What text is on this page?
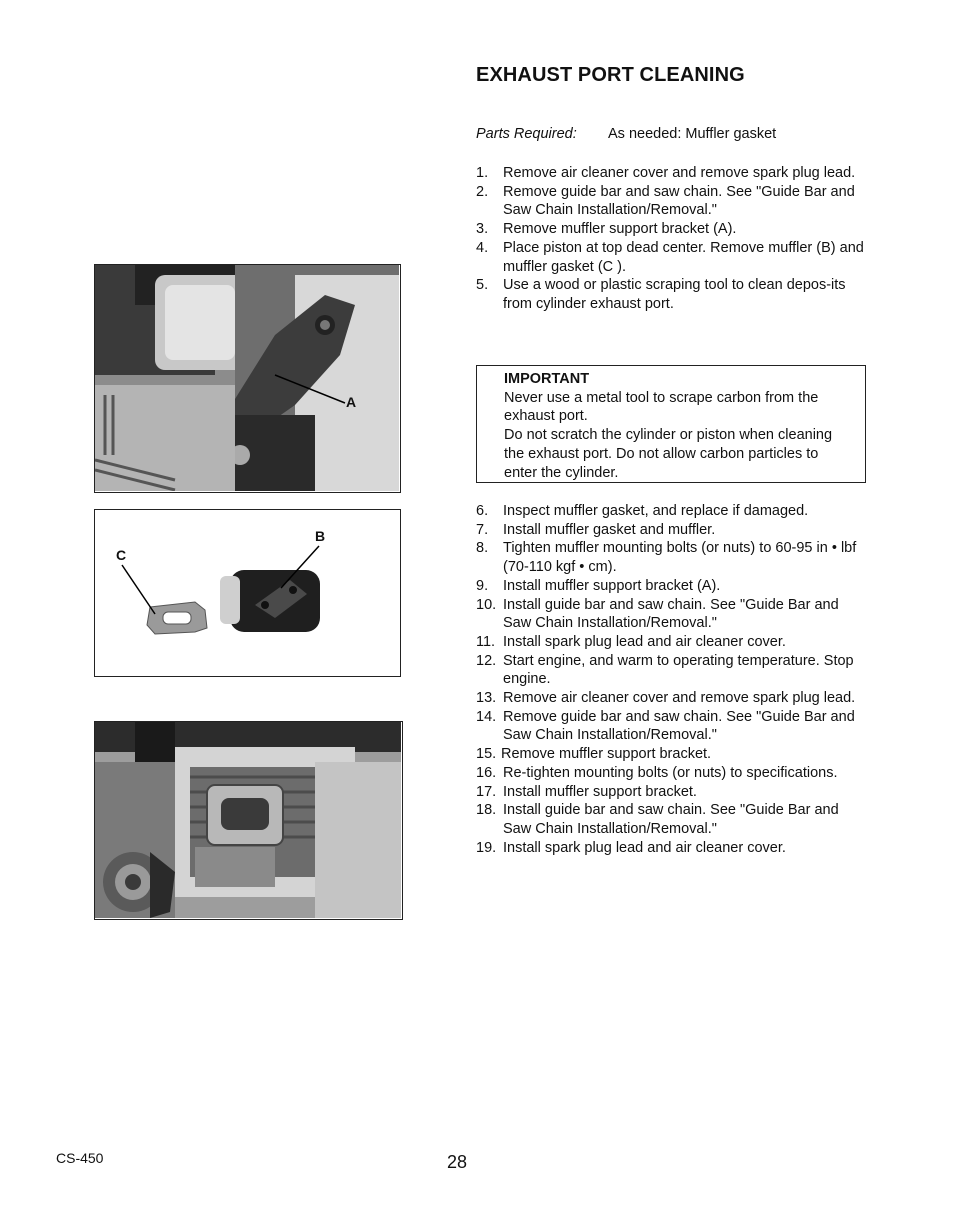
EXHAUST PORT CLEANING
Parts Required: As needed: Muffler gasket
1. Remove air cleaner cover and remove spark plug lead.
2. Remove guide bar and saw chain. See "Guide Bar and Saw Chain Installation/Removal."
3. Remove muffler support bracket (A).
4. Place piston at top dead center. Remove muffler (B) and muffler gasket (C ).
5. Use a wood or plastic scraping tool to clean depos-its from cylinder exhaust port.
IMPORTANT
Never use a metal tool to scrape carbon from the exhaust port.
Do not scratch the cylinder or piston when cleaning the exhaust port. Do not allow carbon particles to enter the cylinder.
6. Inspect muffler gasket, and replace if damaged.
7. Install muffler gasket and muffler.
8. Tighten muffler mounting bolts (or nuts) to 60-95 in • lbf (70-110 kgf • cm).
9. Install muffler support bracket (A).
10. Install guide bar and saw chain. See "Guide Bar and Saw Chain Installation/Removal."
11. Install spark plug lead and air cleaner cover.
12. Start engine, and warm to operating temperature. Stop engine.
13. Remove air cleaner cover and remove spark plug lead.
14. Remove guide bar and saw chain. See "Guide Bar and Saw Chain Installation/Removal."
15. Remove muffler support bracket.
16. Re-tighten mounting bolts (or nuts) to specifications.
17. Install muffler support bracket.
18. Install guide bar and saw chain. See "Guide Bar and Saw Chain Installation/Removal."
19. Install spark plug lead and air cleaner cover.
A
C
B
CS-450	28
